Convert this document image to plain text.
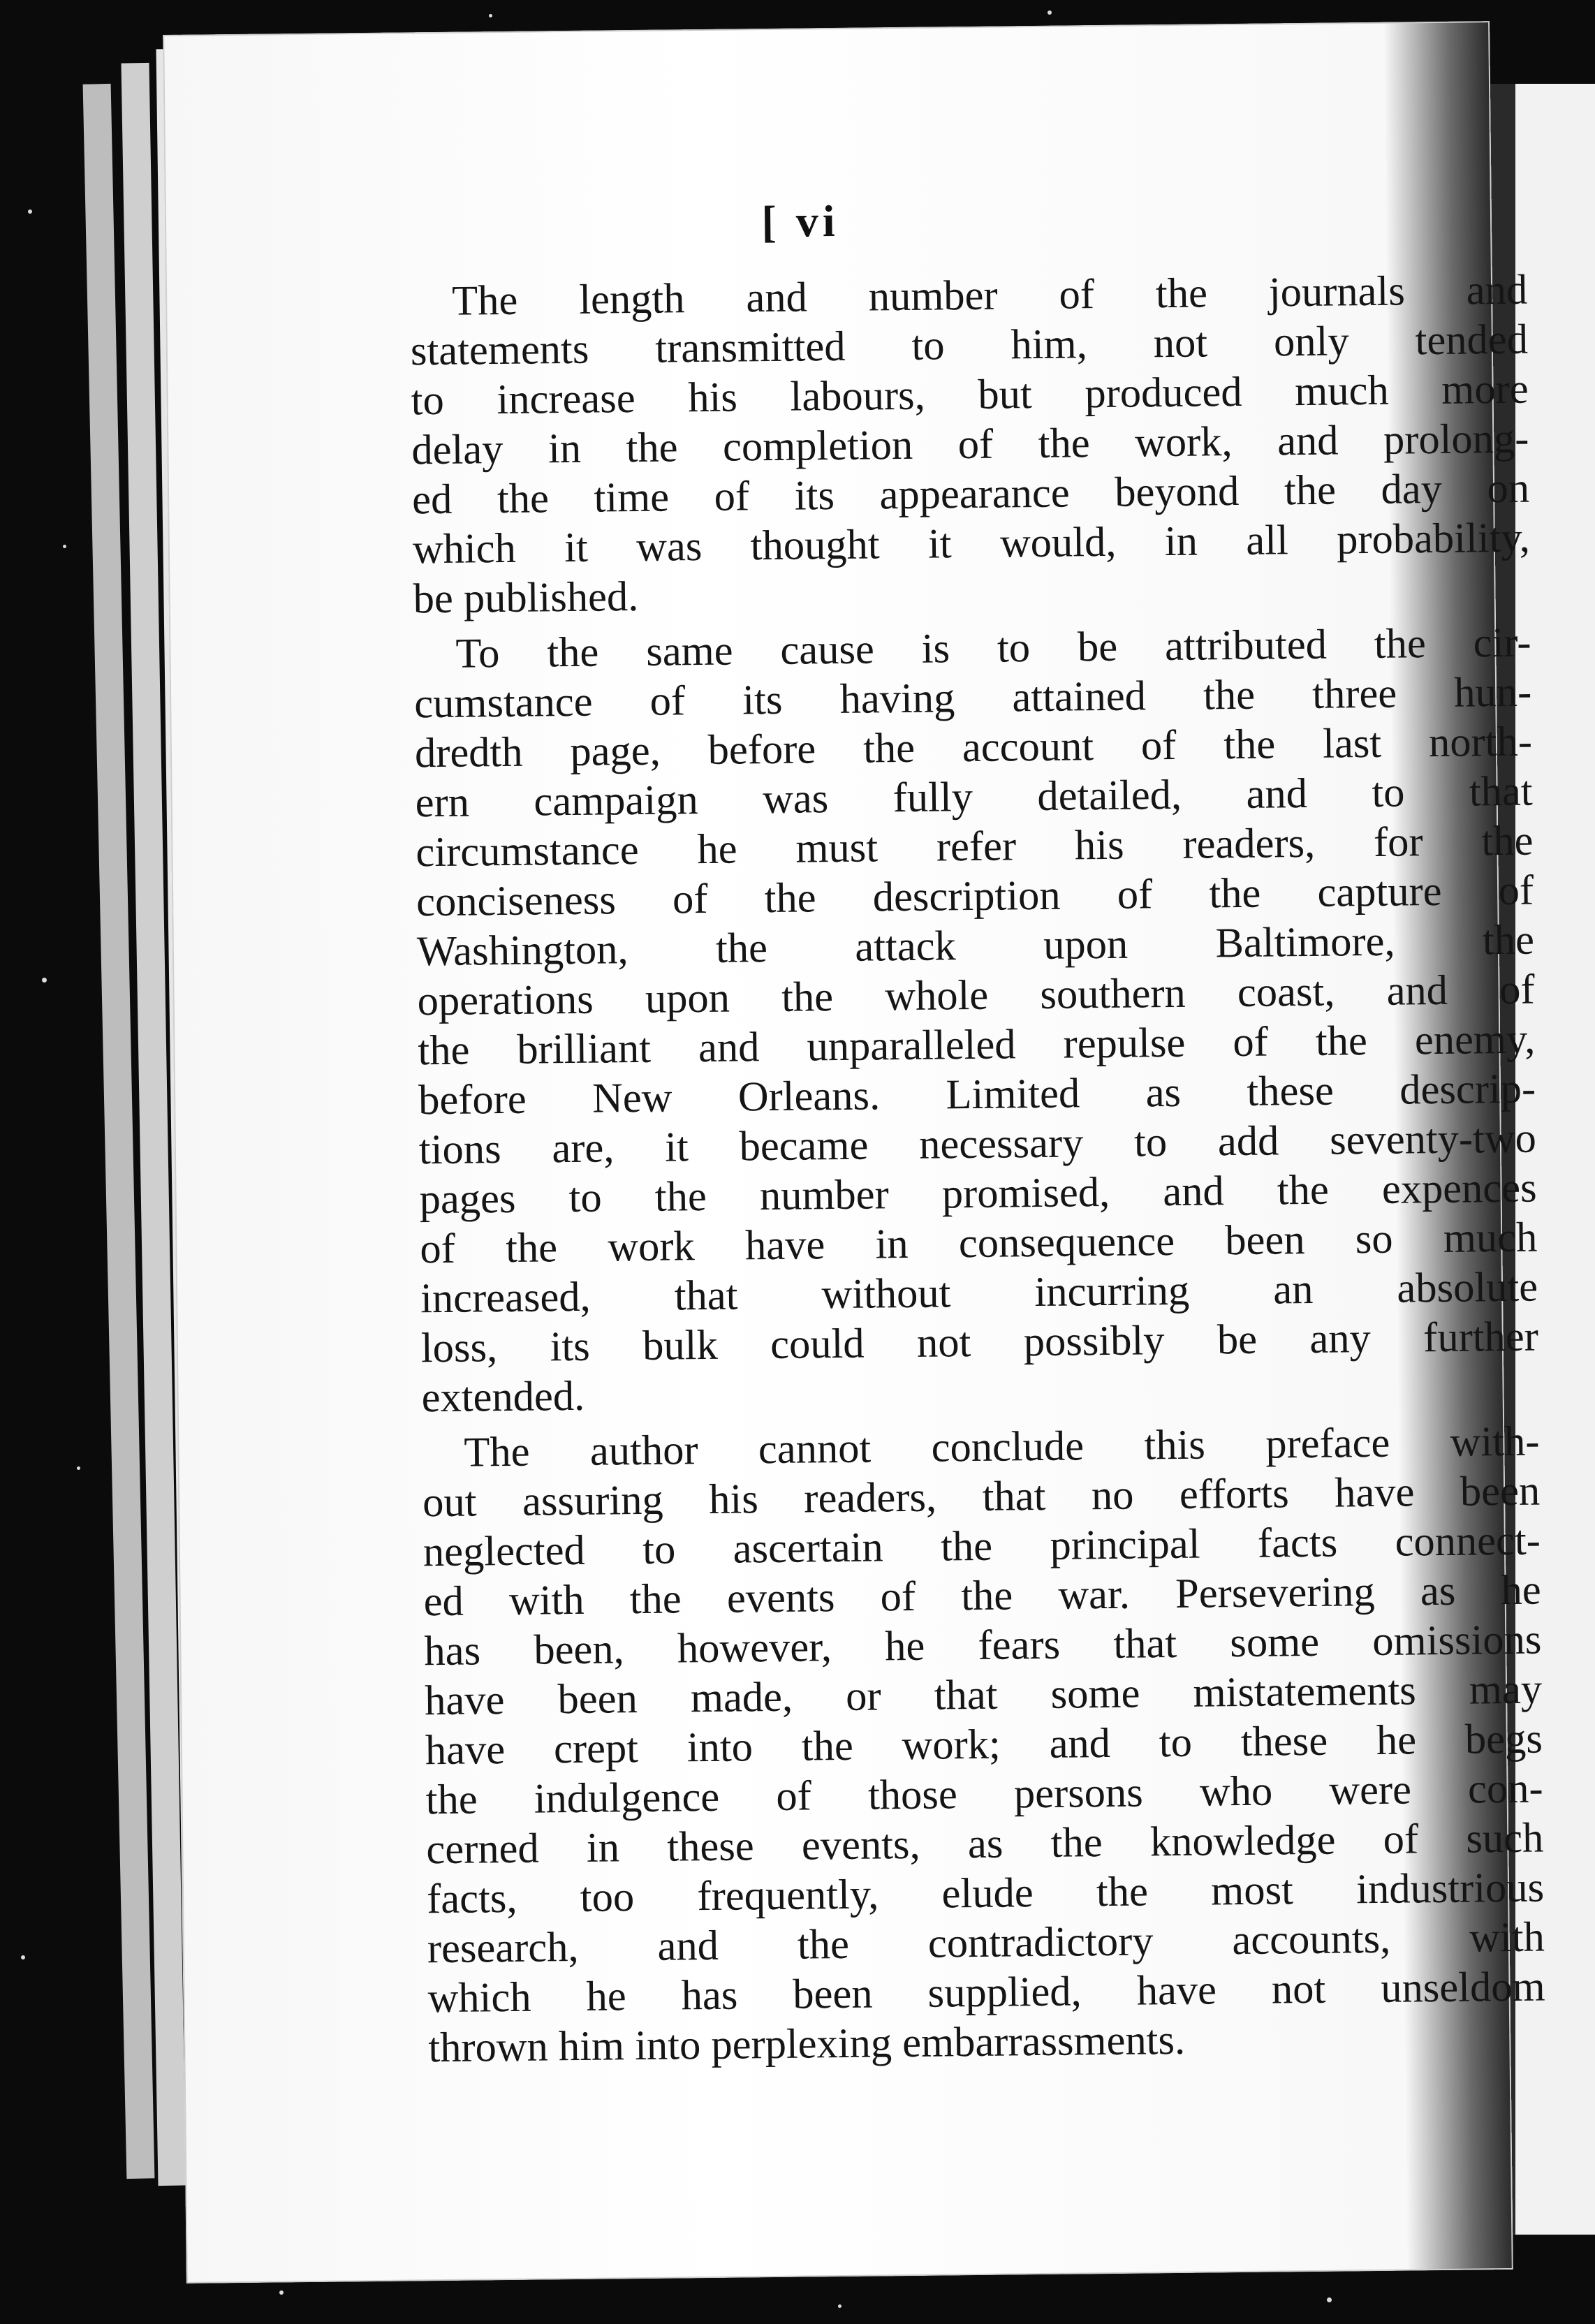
[ vi
The length and number of the journals and
statements transmitted to him, not only tended
to increase his labours, but produced much more
delay in the completion of the work, and prolong-
ed the time of its appearance beyond the day on
which it was thought it would, in all probability,
be published.
To the same cause is to be attributed the cir-
cumstance of its having attained the three hun-
dredth page, before the account of the last north-
ern campaign was fully detailed, and to that
circumstance he must refer his readers, for the
conciseness of the description of the capture of
Washington, the attack upon Baltimore, the
operations upon the whole southern coast, and of
the brilliant and unparalleled repulse of the enemy,
before New Orleans. Limited as these descrip-
tions are, it became necessary to add seventy-two
pages to the number promised, and the expences
of the work have in consequence been so much
increased, that without incurring an absolute
loss, its bulk could not possibly be any further
extended.
The author cannot conclude this preface with-
out assuring his readers, that no efforts have been
neglected to ascertain the principal facts connect-
ed with the events of the war. Persevering as he
has been, however, he fears that some omissions
have been made, or that some mistatements may
have crept into the work; and to these he begs
the indulgence of those persons who were con-
cerned in these events, as the knowledge of such
facts, too frequently, elude the most industrious
research, and the contradictory accounts, with
which he has been supplied, have not unseldom
thrown him into perplexing embarrassments.
